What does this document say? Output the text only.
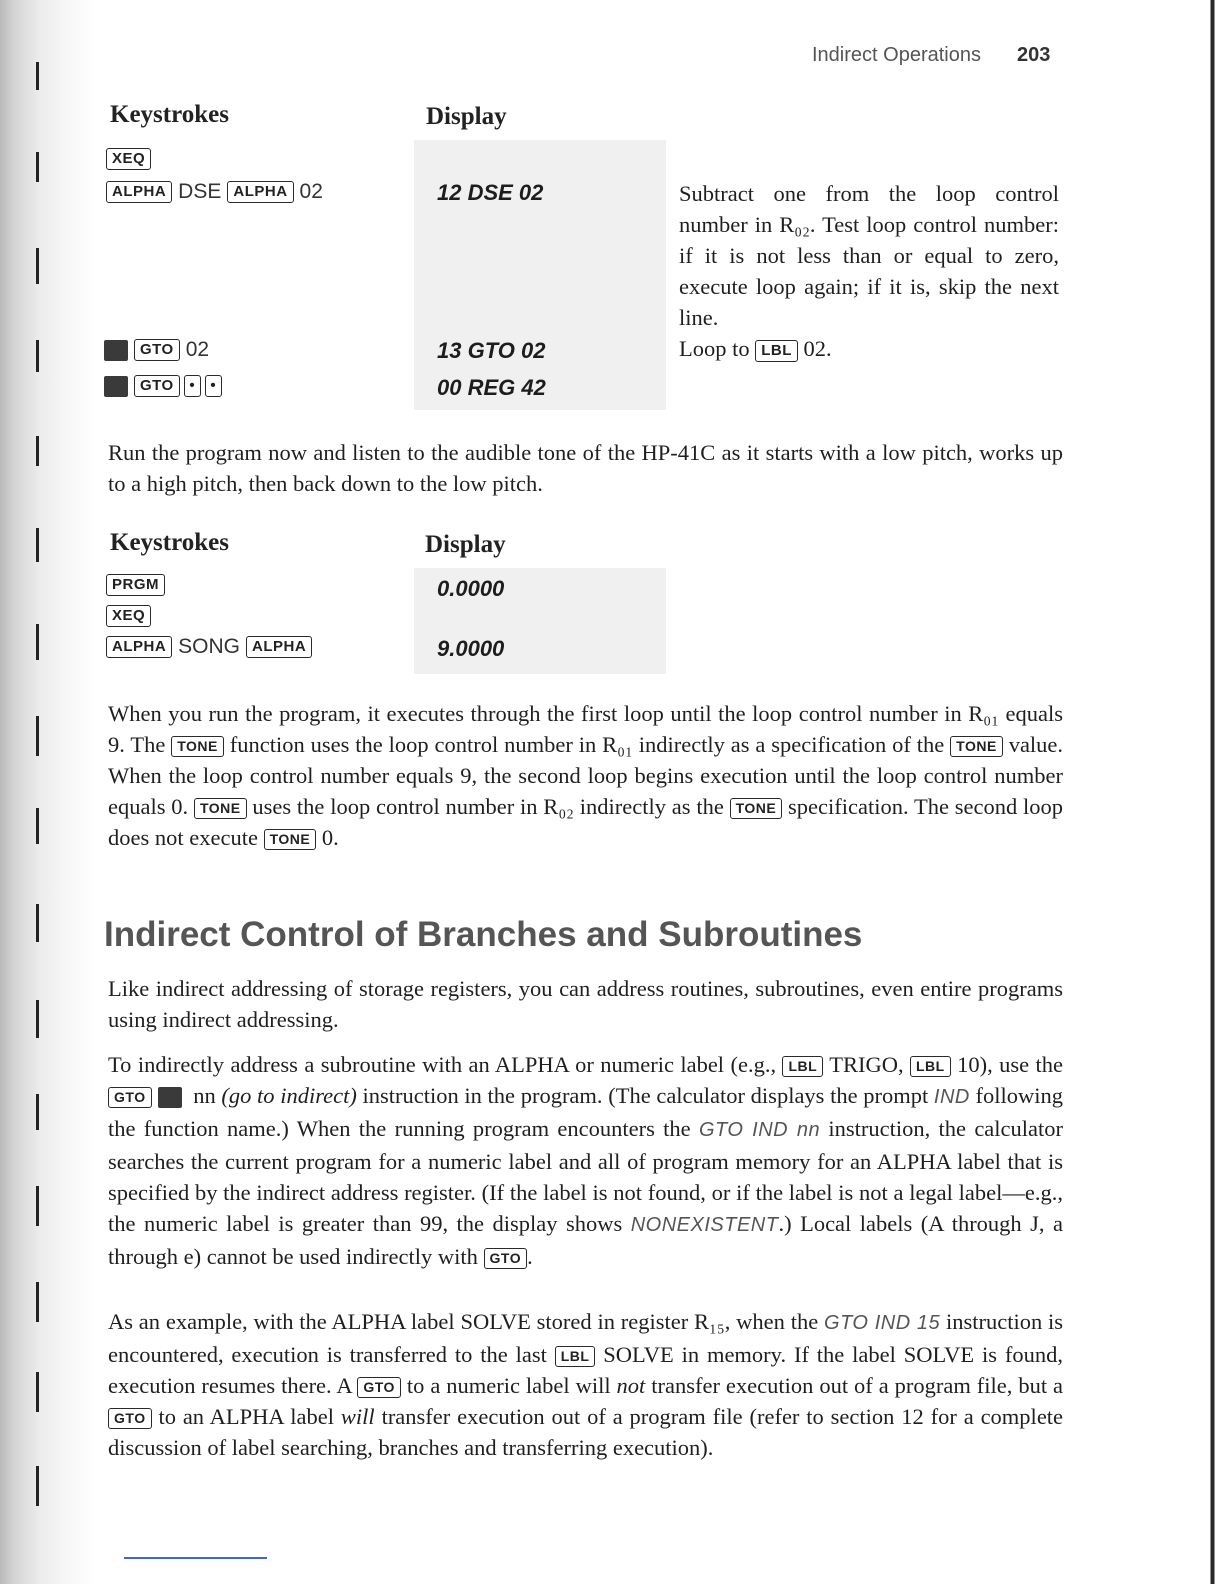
Indirect Operations 203
Keystrokes	Display
XEQ
ALPHA DSE ALPHA 02	12 DSE 02	Subtract one from the loop control number in R₀₂. Test loop control number: if it is not less than or equal to zero, execute loop again; if it is, skip the next line.
GTO 02	13 GTO 02	Loop to LBL 02.
GTO • •	00 REG 42
Run the program now and listen to the audible tone of the HP-41C as it starts with a low pitch, works up to a high pitch, then back down to the low pitch.
Keystrokes	Display
PRGM	0.0000
XEQ
ALPHA SONG ALPHA	9.0000
When you run the program, it executes through the first loop until the loop control number in R₀₁ equals 9. The TONE function uses the loop control number in R₀₁ indirectly as a specification of the TONE value. When the loop control number equals 9, the second loop begins execution until the loop control number equals 0. TONE uses the loop control number in R₀₂ indirectly as the TONE specification. The second loop does not execute TONE 0.
Indirect Control of Branches and Subroutines
Like indirect addressing of storage registers, you can address routines, subroutines, even entire programs using indirect addressing.
To indirectly address a subroutine with an ALPHA or numeric label (e.g., LBL TRIGO, LBL 10), use the GTO nn (go to indirect) instruction in the program. (The calculator displays the prompt IND following the function name.) When the running program encounters the GTO IND nn instruction, the calculator searches the current program for a numeric label and all of program memory for an ALPHA label that is specified by the indirect address register. (If the label is not found, or if the label is not a legal label—e.g., the numeric label is greater than 99, the display shows NONEXISTENT.) Local labels (A through J, a through e) cannot be used indirectly with GTO .
As an example, with the ALPHA label SOLVE stored in register R₁₅, when the GTO IND 15 instruction is encountered, execution is transferred to the last LBL SOLVE in memory. If the label SOLVE is found, execution resumes there. A GTO to a numeric label will not transfer execution out of a program file, but a GTO to an ALPHA label will transfer execution out of a program file (refer to section 12 for a complete discussion of label searching, branches and transferring execution).
